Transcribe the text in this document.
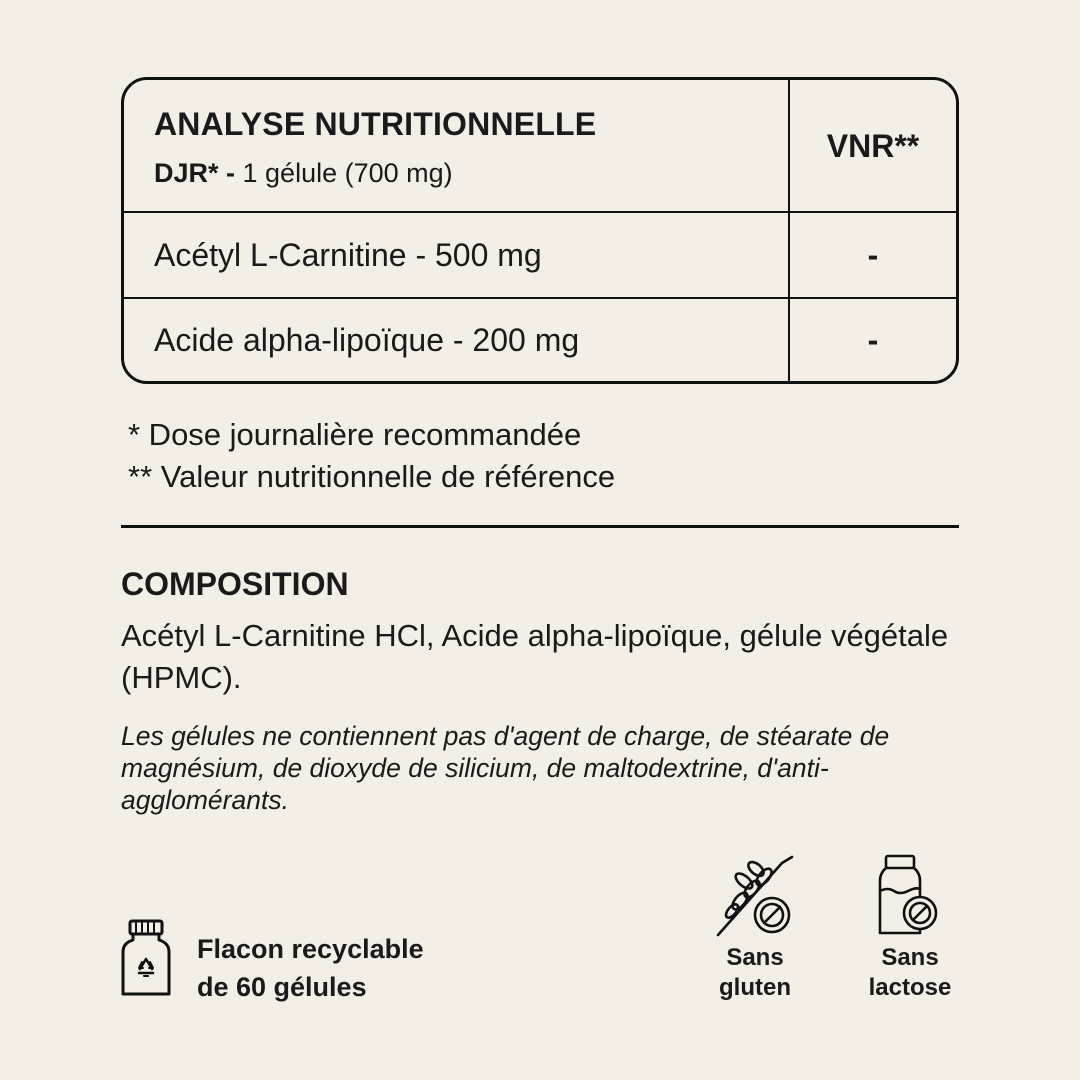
ANALYSE NUTRITIONNELLE
DJR* - 1 gélule (700 mg)
VNR**
Acétyl L-Carnitine - 500 mg	-
Acide alpha-lipoïque - 200 mg	-
* Dose journalière recommandée
** Valeur nutritionnelle de référence
COMPOSITION
Acétyl L-Carnitine HCl, Acide alpha-lipoïque, gélule végétale (HPMC).
Les gélules ne contiennent pas d'agent de charge, de stéarate de magnésium, de dioxyde de silicium, de maltodextrine, d'anti-agglomérants.
Flacon recyclable
de 60 gélules
Sans
gluten
Sans
lactose
